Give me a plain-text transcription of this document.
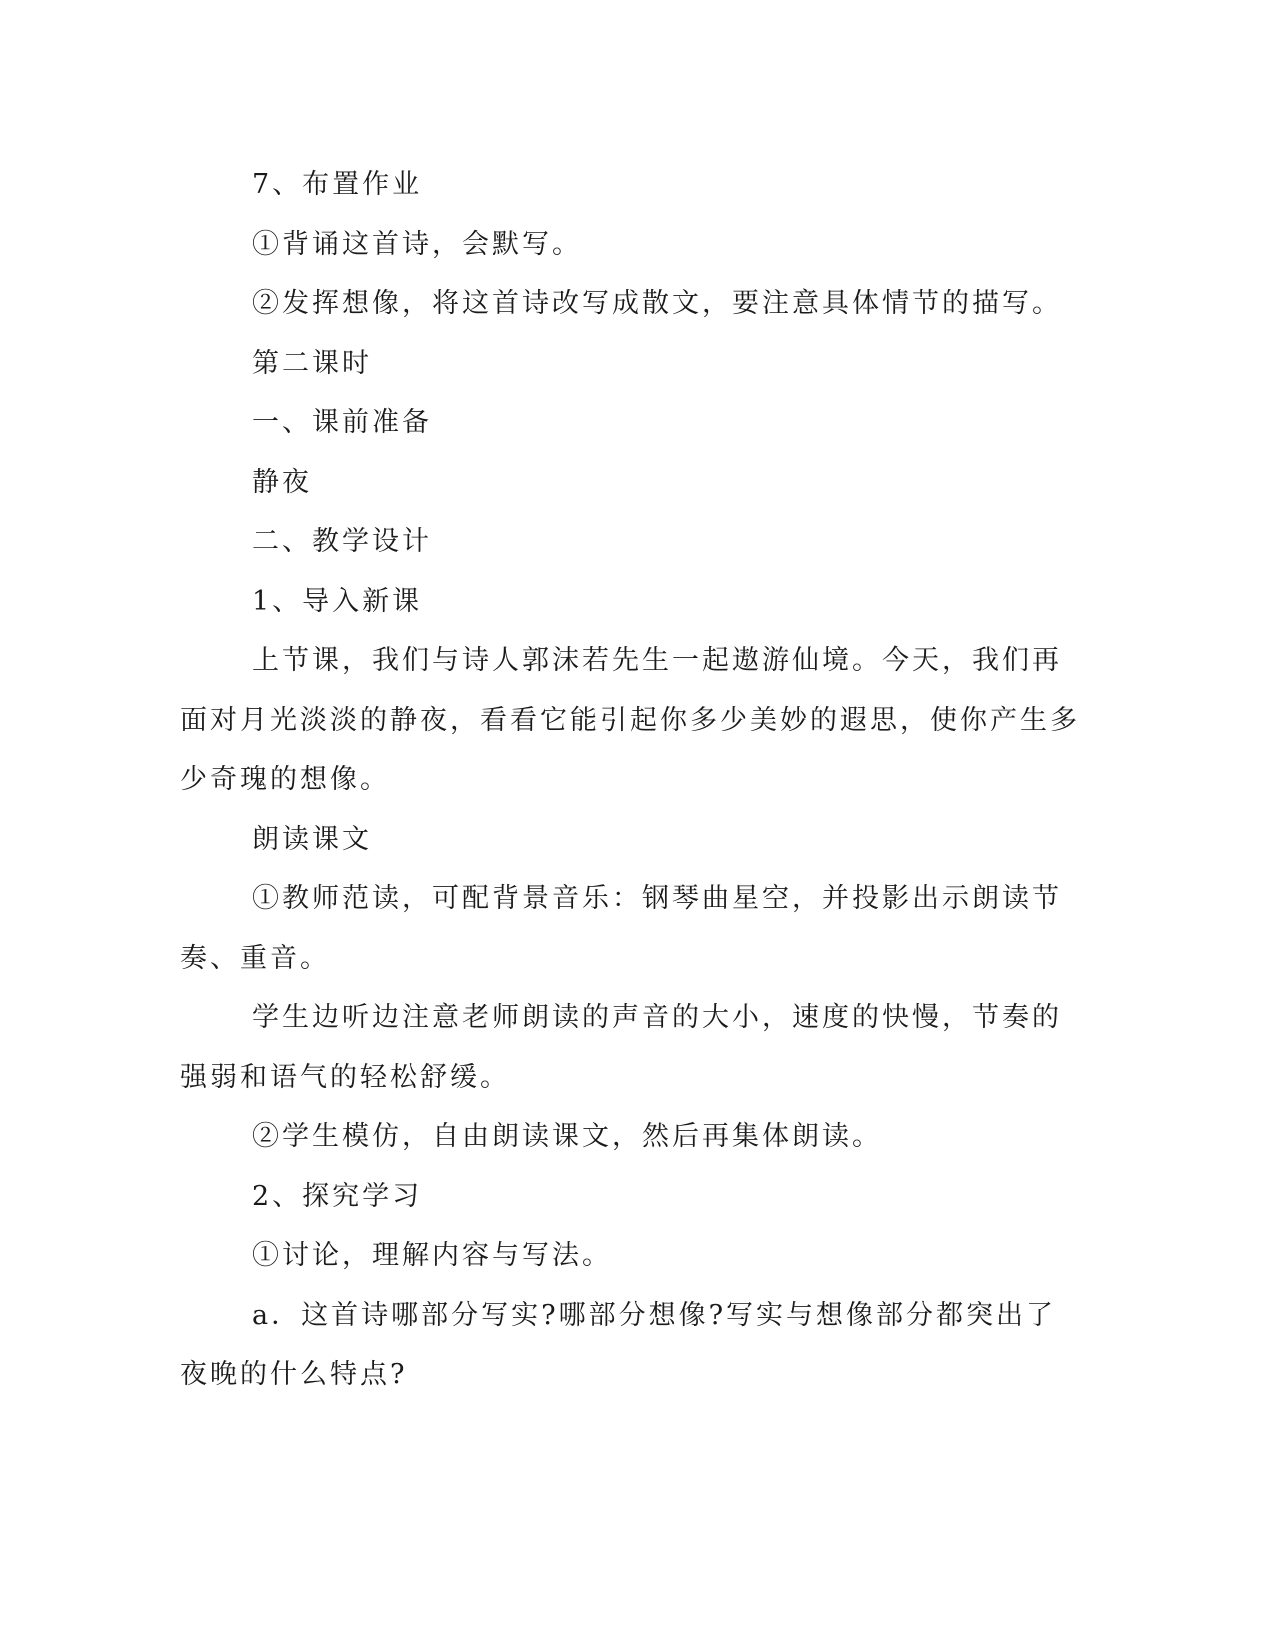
7、布置作业

①背诵这首诗，会默写。

②发挥想像，将这首诗改写成散文，要注意具体情节的描写。

第二课时

一、课前准备

静夜

二、教学设计

1、导入新课

上节课，我们与诗人郭沫若先生一起遨游仙境。今天，我们再面对月光淡淡的静夜，看看它能引起你多少美妙的遐思，使你产生多少奇瑰的想像。

朗读课文

①教师范读，可配背景音乐：钢琴曲星空，并投影出示朗读节奏、重音。

学生边听边注意老师朗读的声音的大小，速度的快慢，节奏的强弱和语气的轻松舒缓。

②学生模仿，自由朗读课文，然后再集体朗读。

2、探究学习

①讨论，理解内容与写法。

a．这首诗哪部分写实?哪部分想像?写实与想像部分都突出了夜晚的什么特点?
